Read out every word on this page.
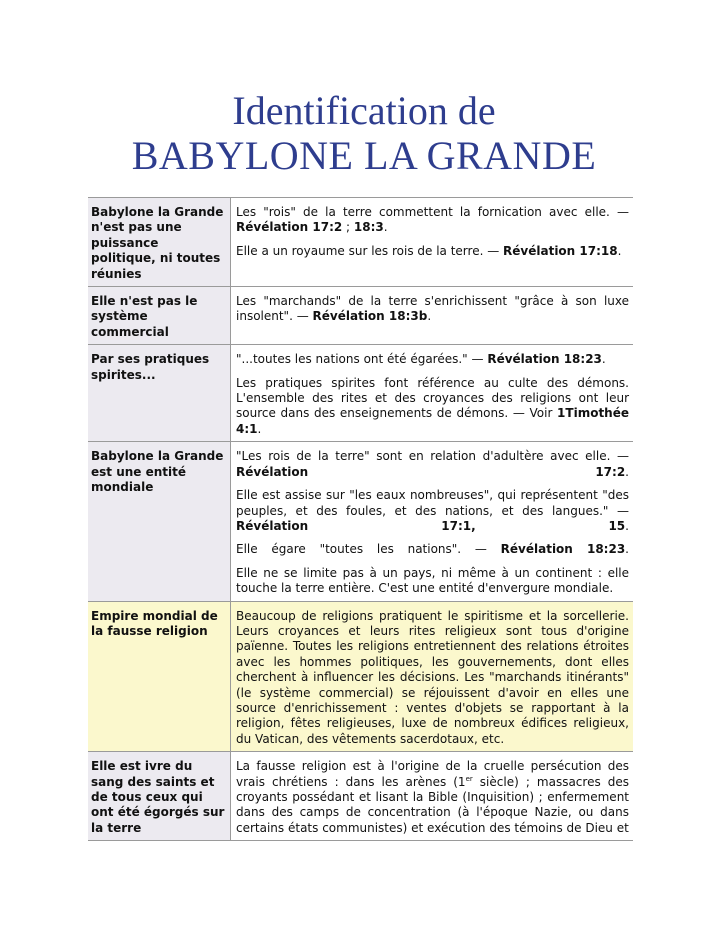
Identification de
BABYLONE LA GRANDE
Babylone la Grande n'est pas une puissance politique, ni toutes réunies	Les "rois" de la terre commettent la fornication avec elle. — Révélation 17:2 ; 18:3.

Elle a un royaume sur les rois de la terre. — Révélation 17:18.

Elle n'est pas le système commercial	Les "marchands" de la terre s'enrichissent "grâce à son luxe insolent". — Révélation 18:3b.

Par ses pratiques spirites...	"...toutes les nations ont été égarées." — Révélation 18:23.

Les pratiques spirites font référence au culte des démons. L'ensemble des rites et des croyances des religions ont leur source dans des enseignements de démons. — Voir 1Timothée 4:1.

Babylone la Grande est une entité mondiale	"Les rois de la terre" sont en relation d'adultère avec elle. — Révélation 17:2.

Elle est assise sur "les eaux nombreuses", qui représentent "des peuples, et des foules, et des nations, et des langues." — Révélation 17:1, 15.

Elle égare "toutes les nations". — Révélation 18:23.

Elle ne se limite pas à un pays, ni même à un continent : elle touche la terre entière. C'est une entité d'envergure mondiale.

Empire mondial de la fausse religion	Beaucoup de religions pratiquent le spiritisme et la sorcellerie. Leurs croyances et leurs rites religieux sont tous d'origine païenne. Toutes les religions entretiennent des relations étroites avec les hommes politiques, les gouvernements, dont elles cherchent à influencer les décisions. Les "marchands itinérants" (le système commercial) se réjouissent d'avoir en elles une source d'enrichissement : ventes d'objets se rapportant à la religion, fêtes religieuses, luxe de nombreux édifices religieux, du Vatican, des vêtements sacerdotaux, etc.

Elle est ivre du sang des saints et de tous ceux qui ont été égorgés sur la terre	La fausse religion est à l'origine de la cruelle persécution des vrais chrétiens : dans les arènes (1er siècle) ; massacres des croyants possédant et lisant la Bible (Inquisition) ; enfermement dans des camps de concentration (à l'époque Nazie, ou dans certains états communistes) et exécution des témoins de Dieu et
